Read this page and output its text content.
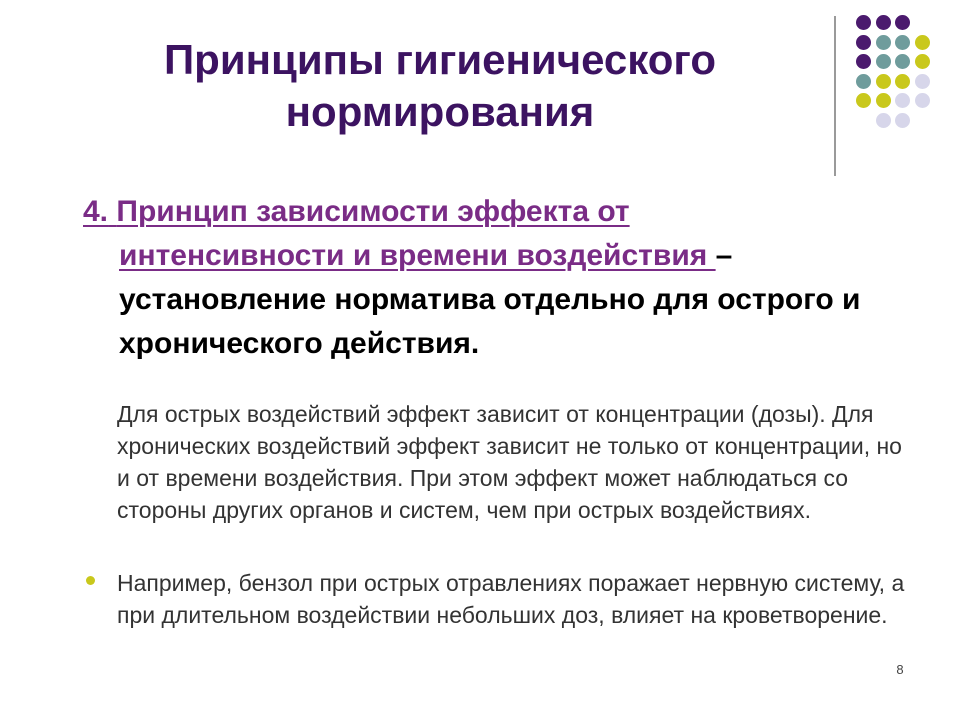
Принципы гигиенического
нормирования
4. Принцип зависимости эффекта от
интенсивности и времени воздействия –
установление норматива отдельно для острого и
хронического действия.

Для острых воздействий эффект зависит от концентрации (дозы). Для хронических воздействий эффект зависит не только от концентрации, но и от времени воздействия. При этом эффект может наблюдаться со стороны других органов и систем, чем при острых воздействиях.

Например, бензол при острых отравлениях поражает нервную систему, а при длительном воздействии небольших доз, влияет на кроветворение.

8
